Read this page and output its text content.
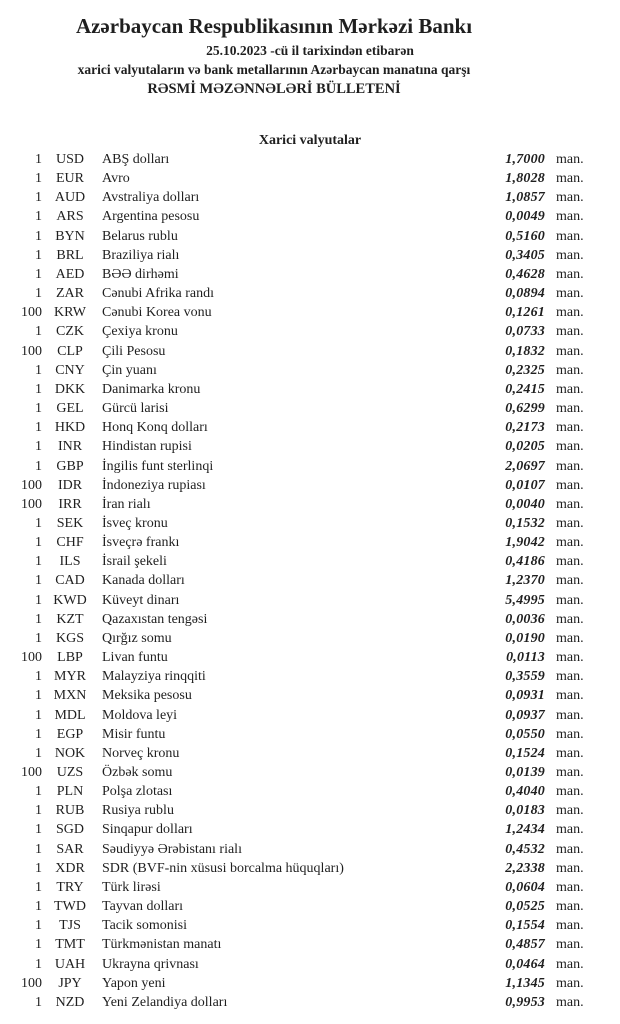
Azərbaycan Respublikasının Mərkəzi Bankı
25.10.2023 -cü il tarixindən etibarən
xarici valyutaların və bank metallarının Azərbaycan manatına qarşı
RƏSMİ MƏZƏNNƏLƏRİ BÜLLETENİ
Xarici valyutalar
1 USD	ABŞ dolları	1,7000 man.
1	EUR	Avro	1,8028 man.
1 AUD	Avstraliya dolları	1,0857 man.
1	ARS	Argentina pesosu	0,0049 man.
1 BYN	Belarus rublu	0,5160 man.
1	BRL	Braziliya rialı	0,3405 man.
1 AED	BƏƏ dirhəmi	0,4628 man.
1	ZAR	Cənubi Afrika randı	0,0894 man.
100 KRW	Cənubi Korea vonu	0,1261 man.
1	CZK	Çexiya kronu	0,0733 man.
100	CLP	Çili Pesosu	0,1832 man.
1 CNY	Çin yuanı	0,2325 man.
1 DKK	Danimarka kronu	0,2415 man.
1	GEL	Gürcü larisi	0,6299 man.
1 HKD	Honq Konq dolları	0,2173 man.
1	INR	Hindistan rupisi	0,0205 man.
1	GBP	İngilis funt sterlinqi	2,0697 man.
100	IDR	İndoneziya rupiası	0,0107 man.
100	IRR	İran rialı	0,0040 man.
1	SEK	İsveç kronu	0,1532 man.
1	CHF	İsveçrə frankı	1,9042 man.
1	ILS	İsrail şekeli	0,4186 man.
1 CAD	Kanada dolları	1,2370 man.
1 KWD	Küveyt dinarı	5,4995 man.
1	KZT	Qazaxıstan tengəsi	0,0036 man.
1 KGS	Qırğız somu	0,0190 man.
100	LBP	Livan funtu	0,0113 man.
1 MYR	Malayziya rinqqiti	0,3559 man.
1 MXN	Meksika pesosu	0,0931 man.
1 MDL	Moldova leyi	0,0937 man.
1	EGP	Misir funtu	0,0550 man.
1 NOK	Norveç kronu	0,1524 man.
100	UZS	Özbək somu	0,0139 man.
1	PLN	Polşa zlotası	0,4040 man.
1 RUB	Rusiya rublu	0,0183 man.
1 SGD	Sinqapur dolları	1,2434 man.
1	SAR	Səudiyyə Ərəbistanı rialı	0,4532 man.
1 XDR	SDR (BVF-nin xüsusi borcalma hüquqları)	2,2338 man.
1	TRY	Türk lirəsi	0,0604 man.
1 TWD	Tayvan dolları	0,0525 man.
1	TJS	Tacik somonisi	0,1554 man.
1 TMT	Türkmənistan manatı	0,4857 man.
1 UAH	Ukrayna qrivnası	0,0464 man.
100	JPY	Yapon yeni	1,1345 man.
1 NZD	Yeni Zelandiya dolları	0,9953 man.
